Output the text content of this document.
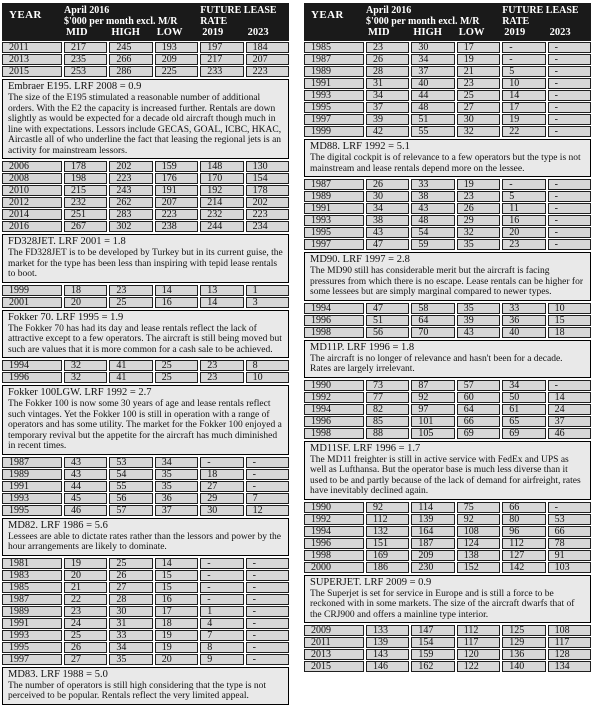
YEAR	April 2016
$'000 per month excl. M/R
FUTURE LEASE RATE
MID	HIGH	LOW	2019	2023
2011	217	245	193	197	184
2013	235	266	209	217	207
2015	253	286	225	233	223
Embraer E195. LRF 2008 = 0.9
The size of the E195 stimulated a reasonable number of additional orders. With the E2 the capacity is increased further. Rentals are down slightly as would be expected for a decade old aircraft though much in line with expectations. Lessors include GECAS, GOAL, ICBC, HKAC, Aircastle all of who underline the fact that leasing the regional jets is an activity for mainstream lessors.
2006	178	202	159	148	130
2008	198	223	176	170	154
2010	215	243	191	192	178
2012	232	262	207	214	202
2014	251	283	223	232	223
2016	267	302	238	244	234
FD328JET. LRF 2001 = 1.8
The FD328JET is to be developed by Turkey but in its current guise, the market for the type has been less than inspiring with tepid lease rentals to boot.
1999	18	23	14	13	1
2001	20	25	16	14	3
Fokker 70. LRF 1995 = 1.9
The Fokker 70 has had its day and lease rentals reflect the lack of attractive except to a few operators. The aircraft is still being moved but such are values that it is more common for a cash sale to be achieved.
1994	32	41	25	23	8
1996	32	41	25	23	10
Fokker 100LGW. LRF 1992 = 2.7
The Fokker 100 is now some 30 years of age and lease rentals reflect such vintages. Yet the Fokker 100 is still in operation with a range of operators and has some utility. The market for the Fokker 100 enjoyed a temporary revival but the appetite for the aircraft has much diminished in recent times.
1987	43	53	34	-	-
1989	43	54	35	18	-
1991	44	55	35	27	-
1993	45	56	36	29	7
1995	46	57	37	30	12
MD82. LRF 1986 = 5.6
Lessees are able to dictate rates rather than the lessors and power by the hour arrangements are likely to dominate.
1981	19	25	14	-	-
1983	20	26	15	-	-
1985	21	27	15	-	-
1987	22	28	16	-	-
1989	23	30	17	1	-
1991	24	31	18	4	-
1993	25	33	19	7	-
1995	26	34	19	8	-
1997	27	35	20	9	-
MD83. LRF 1988 = 5.0
The number of operators is still high considering that the type is not perceived to be popular. Rentals reflect the very limited appeal.
YEAR	April 2016
$'000 per month excl. M/R
FUTURE LEASE RATE
MID	HIGH	LOW	2019	2023
1985	23	30	17	-	-
1987	26	34	19	-	-
1989	28	37	21	5	-
1991	31	40	23	10	-
1993	34	44	25	14	-
1995	37	48	27	17	-
1997	39	51	30	19	-
1999	42	55	32	22	-
MD88. LRF 1992 = 5.1
The digital cockpit is of relevance to a few operators but the type is not mainstream and lease rentals depend more on the lessee.
1987	26	33	19	-	-
1989	30	38	23	5	-
1991	34	43	26	11	-
1993	38	48	29	16	-
1995	43	54	32	20	-
1997	47	59	35	23	-
MD90. LRF 1997 = 2.8
The MD90 still has considerable merit but the aircraft is facing pressures from which there is no escape. Lease rentals can be higher for some lessees but are simply marginal compared to newer types.
1994	47	58	35	33	10
1996	51	64	39	36	15
1998	56	70	43	40	18
MD11P. LRF 1996 = 1.8
The aircraft is no longer of relevance and hasn't been for a decade. Rates are largely irrelevant.
1990	73	87	57	34	-
1992	77	92	60	50	14
1994	82	97	64	61	24
1996	85	101	66	65	37
1998	88	105	69	69	46
MD11SF. LRF 1996 = 1.7
The MD11 freighter is still in active service with FedEx and UPS as well as Lufthansa. But the operator base is much less diverse than it used to be and partly because of the lack of demand for airfreight, rates have inevitably declined again.
1990	92	114	75	66	-
1992	112	139	92	80	53
1994	132	164	108	96	66
1996	151	187	124	112	78
1998	169	209	138	127	91
2000	186	230	152	142	103
SUPERJET. LRF 2009 = 0.9
The Superjet is set for service in Europe and is still a force to be reckoned with in some markets. The size of the aircraft dwarfs that of the CRJ900 and offers a mainline type interior.
2009	133	147	112	125	108
2011	139	154	117	129	117
2013	143	159	120	136	128
2015	146	162	122	140	134
